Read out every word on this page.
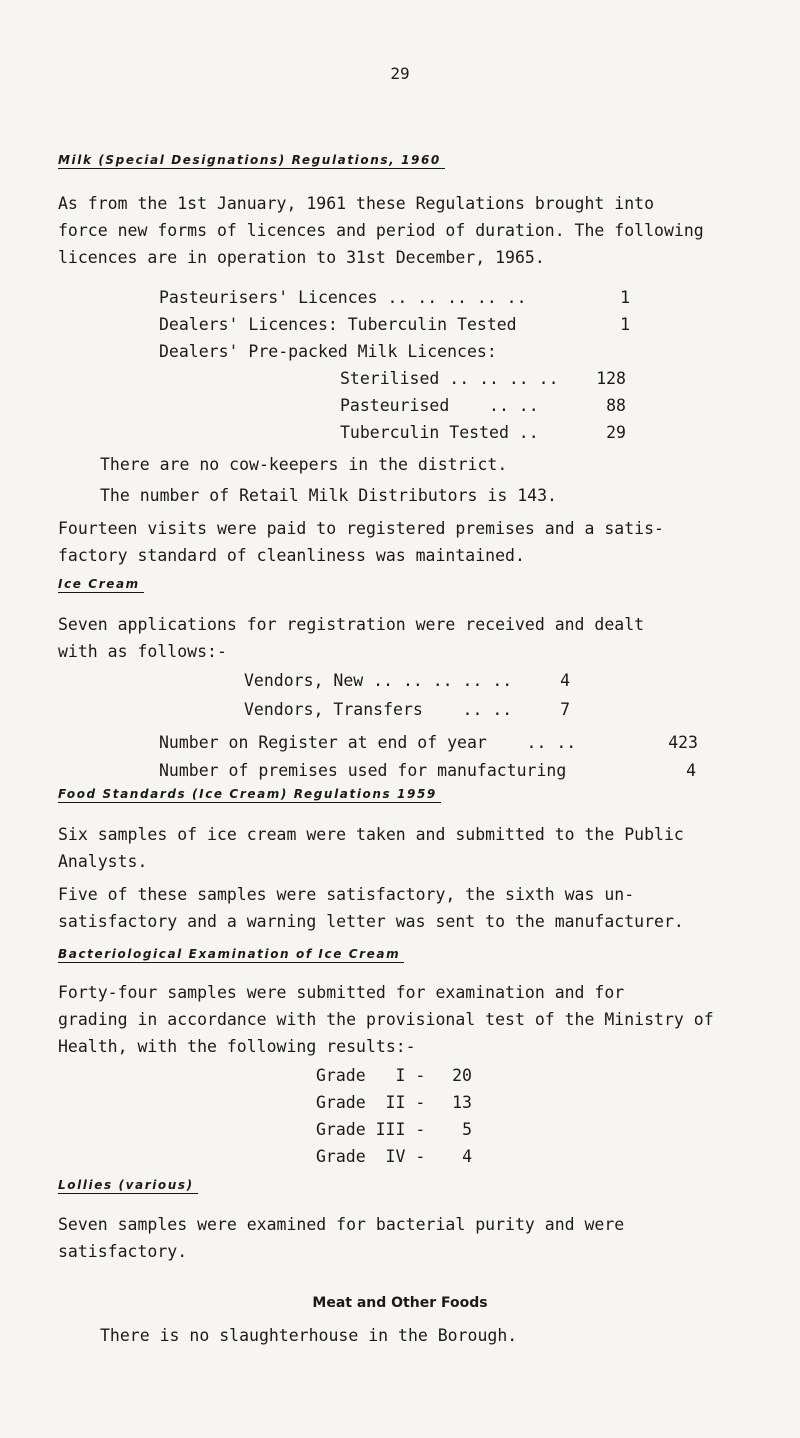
29
Milk (Special Designations) Regulations, 1960
As from the 1st January, 1961 these Regulations brought into
force new forms of licences and period of duration. The following
licences are in operation to 31st December, 1965.
Pasteurisers' Licences .. .. .. .. ..	1
Dealers' Licences: Tuberculin Tested	1
Dealers' Pre-packed Milk Licences:
Sterilised .. .. .. ..	128
Pasteurised    .. ..	88
Tuberculin Tested ..	29
There are no cow-keepers in the district.
The number of Retail Milk Distributors is 143.
Fourteen visits were paid to registered premises and a satis-
factory standard of cleanliness was maintained.
Ice Cream
Seven applications for registration were received and dealt
with as follows:-
Vendors, New .. .. .. .. ..	4
Vendors, Transfers    .. ..	7
Number on Register at end of year    .. ..	423
Number of premises used for manufacturing	4
Food Standards (Ice Cream) Regulations 1959
Six samples of ice cream were taken and submitted to the Public
Analysts.
Five of these samples were satisfactory, the sixth was un-
satisfactory and a warning letter was sent to the manufacturer.
Bacteriological Examination of Ice Cream
Forty-four samples were submitted for examination and for
grading in accordance with the provisional test of the Ministry of
Health, with the following results:-
Grade   I -	20
Grade  II -	13
Grade III -	5
Grade  IV -	4
Lollies (various)
Seven samples were examined for bacterial purity and were
satisfactory.
Meat and Other Foods
There is no slaughterhouse in the Borough.
